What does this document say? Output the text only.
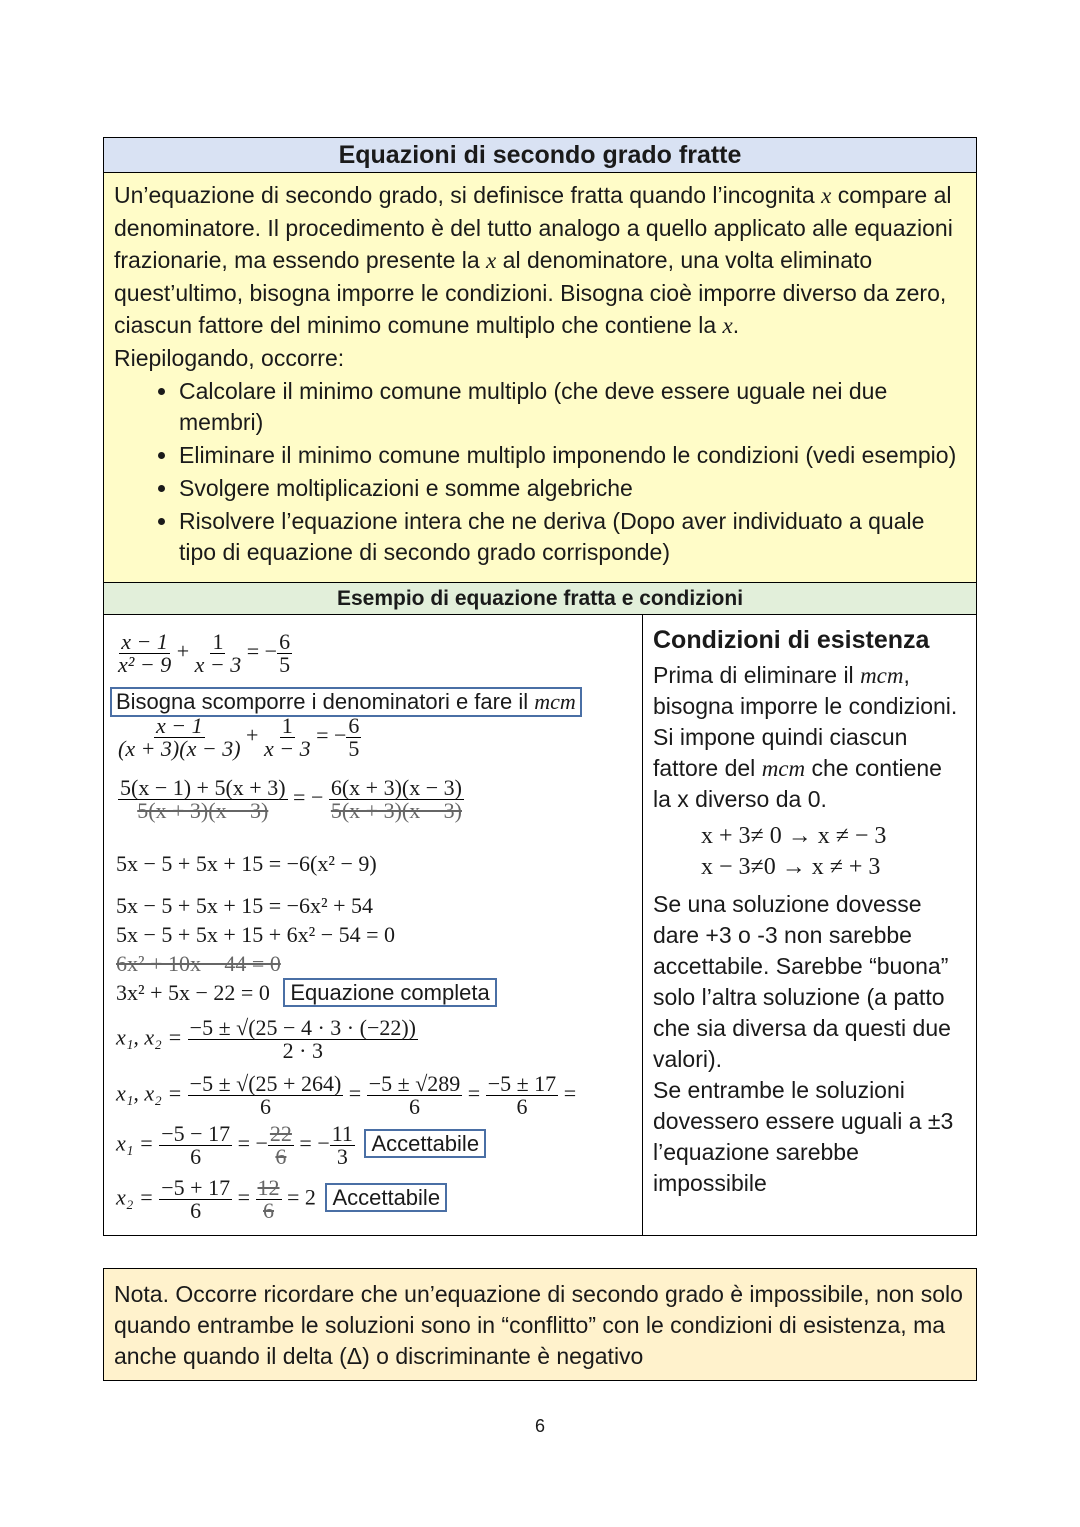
Equazioni di secondo grado fratte

Un’equazione di secondo grado, si definisce fratta quando l’incognita x compare al denominatore. Il procedimento è del tutto analogo a quello applicato alle equazioni frazionarie, ma essendo presente la x al denominatore, una volta eliminato quest’ultimo, bisogna imporre le condizioni. Bisogna cioè imporre diverso da zero, ciascun fattore del minimo comune multiplo che contiene la x.

Riepilogando, occorre:

• Calcolare il minimo comune multiplo (che deve essere uguale nei due membri)
• Eliminare il minimo comune multiplo imponendo le condizioni (vedi esempio)
• Svolgere moltiplicazioni e somme algebriche
• Risolvere l’equazione intera che ne deriva (Dopo aver individuato a quale tipo di equazione di secondo grado corrisponde)
Esempio di equazione fratta e condizioni
$\frac{x - 1}{\text{x² − 9}} + \frac{1}{x - 3}$ = − $\frac{6}{5}$
Bisogna scomporre i denominatori e fare il mcm
$\frac{x - 1}{(x + 3)(x - 3)} + \frac{1}{x - 3}$ = − $\frac{6}{5}$
$\frac{5(x - 1) + 5(x + 3)}{5(x + 3)(x - 3)}$ = − $\frac{6(x + 3)(x - 3)}{5(x + 3)(x - 3)}$
5x − 5 + 5x + 15 = −6(x² − 9)
5x − 5 + 5x + 15 = −6x² + 54
5x − 5 + 5x + 15 + 6x² − 54 = 0
6x² + 10x − 44 = 0
3x² + 5x − 22 = 0 Equazione completa
x₁, $x_2 = \frac{-5 \pm √(25 - 4 \cdot 3 \cdot (-22))}{2 \cdot 3}$
x₁, $x_2 = \frac{-5 \pm √(25 + 264)}{6} = \frac{-5 \pm √289}{6} = \frac{-5 \pm 17}{6}$ =
$x_1 = \frac{-5 - 17}{6}$ = − $\frac{22}{6}$ = − $\frac{11}{3}$ Accettabile
$x_2 = \frac{-5 + 17}{6} = \frac{12}{6} = 2$ Accettabile
Condizioni di esistenza

Prima di eliminare il mcm, bisogna imporre le condizioni. Si impone quindi ciascun fattore del mcm che contiene

la x diverso da 0.

x + 3≠ 0 → x ≠ − 3
x − 3≠0 → x ≠ + 3

Se una soluzione dovesse dare +3 o -3 non sarebbe accettabile. Sarebbe “buona” solo l’altra soluzione (a patto che sia diversa da questi due valori).

Se entrambe le soluzioni dovessero essere uguali a ±3 l’equazione sarebbe impossibile

Nota. Occorre ricordare che un’equazione di secondo grado è impossibile, non solo quando entrambe le soluzioni sono in “conflitto” con le condizioni di esistenza, ma anche quando il delta (Δ) o discriminante è negativo
6
